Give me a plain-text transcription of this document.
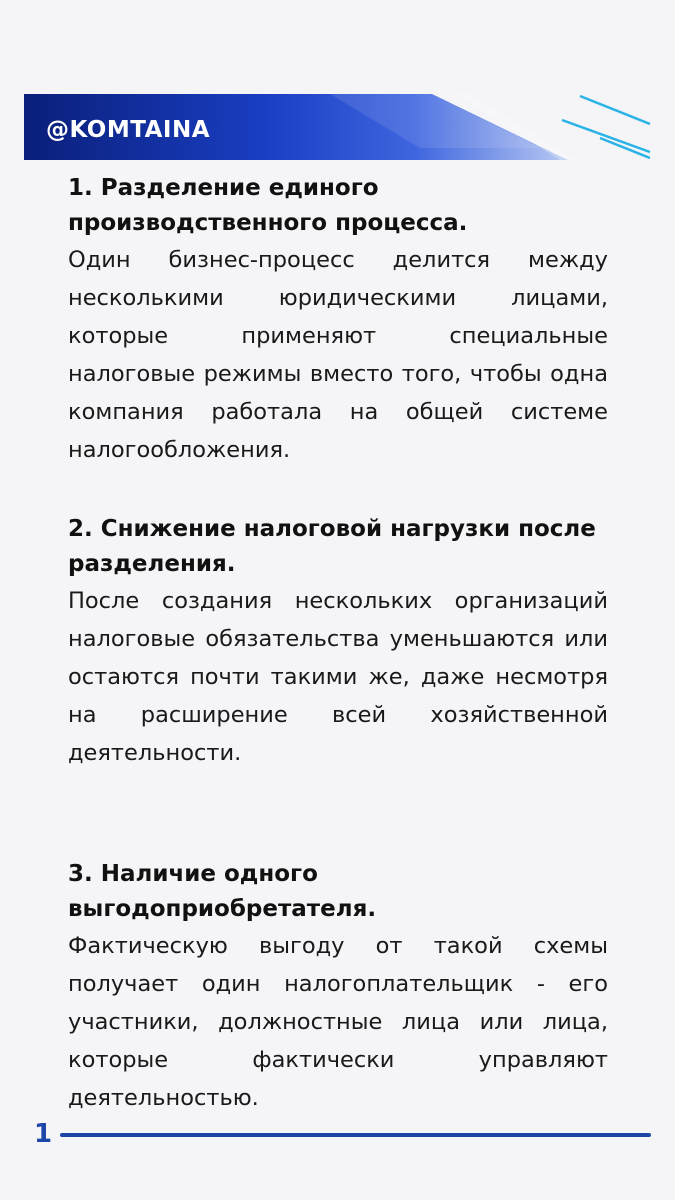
@KOMTAINA

1. Разделение единого производственного процесса.

Один бизнес-процесс делится между несколькими юридическими лицами, которые применяют специальные налоговые режимы вместо того, чтобы одна компания работала на общей системе налогообложения.

2. Снижение налоговой нагрузки после разделения.

После создания нескольких организаций налоговые обязательства уменьшаются или остаются почти такими же, даже несмотря на расширение всей хозяйственной деятельности.

3. Наличие одного выгодоприобретателя.

Фактическую выгоду от такой схемы получает один налогоплательщик - его участники, должностные лица или лица, которые фактически управляют деятельностью.

1
